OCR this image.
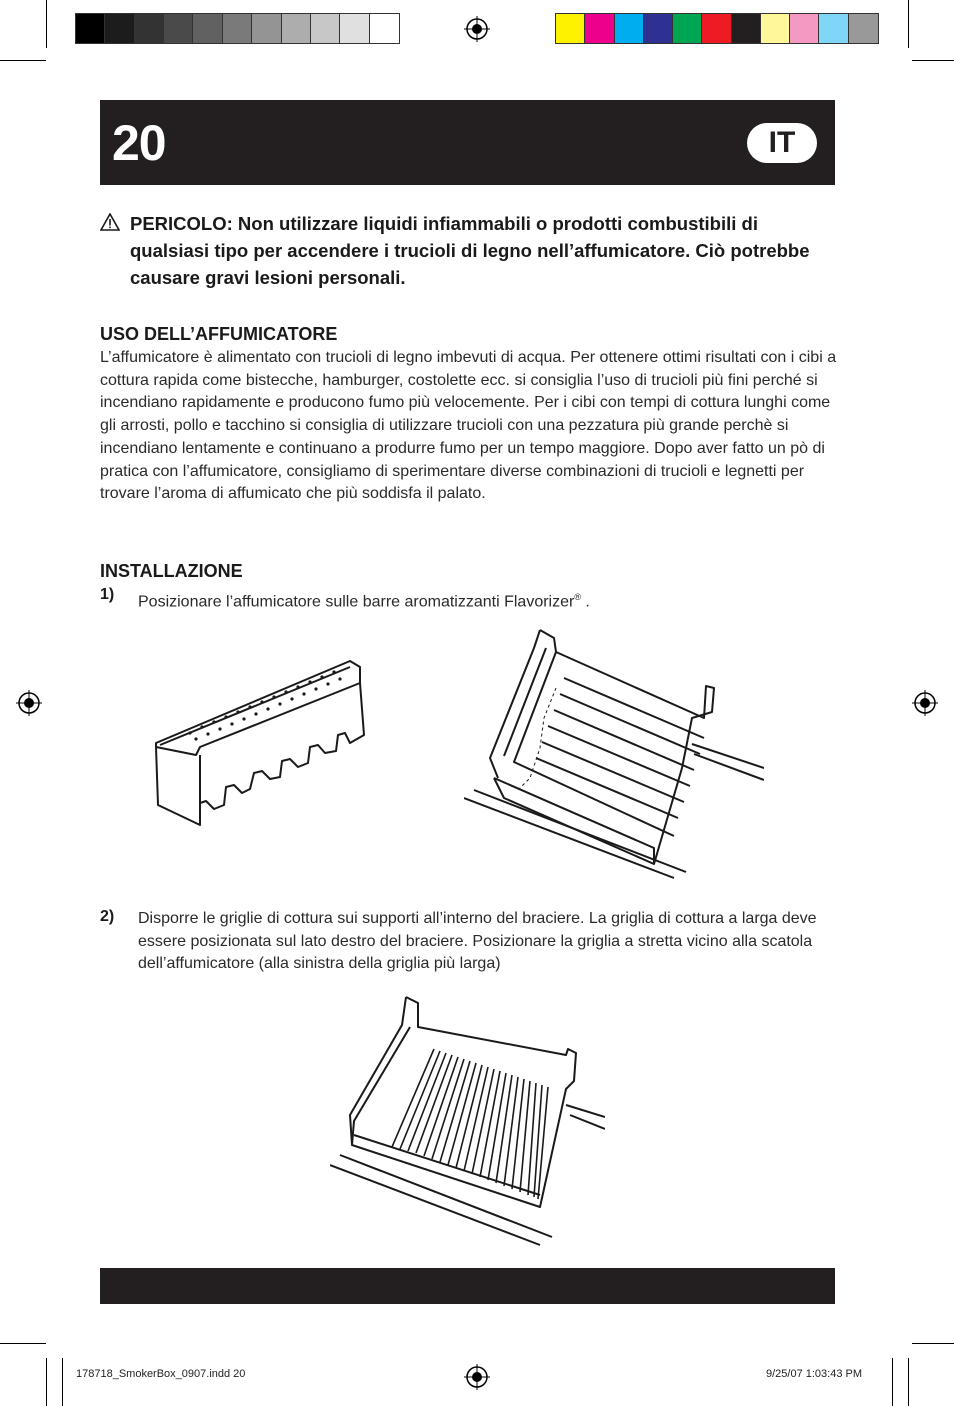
20	IT
PERICOLO: Non utilizzare liquidi infiammabili o prodotti combustibili di qualsiasi tipo per accendere i trucioli di legno nell’affumicatore. Ciò potrebbe causare gravi lesioni personali.
USO DELL’AFFUMICATORE
L’affumicatore è alimentato con trucioli di legno imbevuti di acqua. Per ottenere ottimi risultati con i cibi a cottura rapida come bistecche, hamburger, costolette ecc. si consiglia l’uso di trucioli più fini perché si incendiano rapidamente e producono fumo più velocemente. Per i cibi con tempi di cottura lunghi come gli arrosti, pollo e tacchino si consiglia di utilizzare trucioli con una pezzatura più grande perchè si incendiano lentamente e continuano a produrre fumo per un tempo maggiore. Dopo aver fatto un pò di pratica con l’affumicatore, consigliamo di sperimentare diverse combinazioni di trucioli e legnetti per trovare l’aroma di affumicato che più soddisfa il palato.
INSTALLAZIONE
1) Posizionare l’affumicatore sulle barre aromatizzanti Flavorizer® .
2) Disporre le griglie di cottura sui supporti all’interno del braciere. La griglia di cottura a larga deve essere posizionata sul lato destro del braciere. Posizionare la griglia a stretta vicino alla scatola dell’affumicatore (alla sinistra della griglia più larga)
178718_SmokerBox_0907.indd 20	9/25/07 1:03:43 PM
